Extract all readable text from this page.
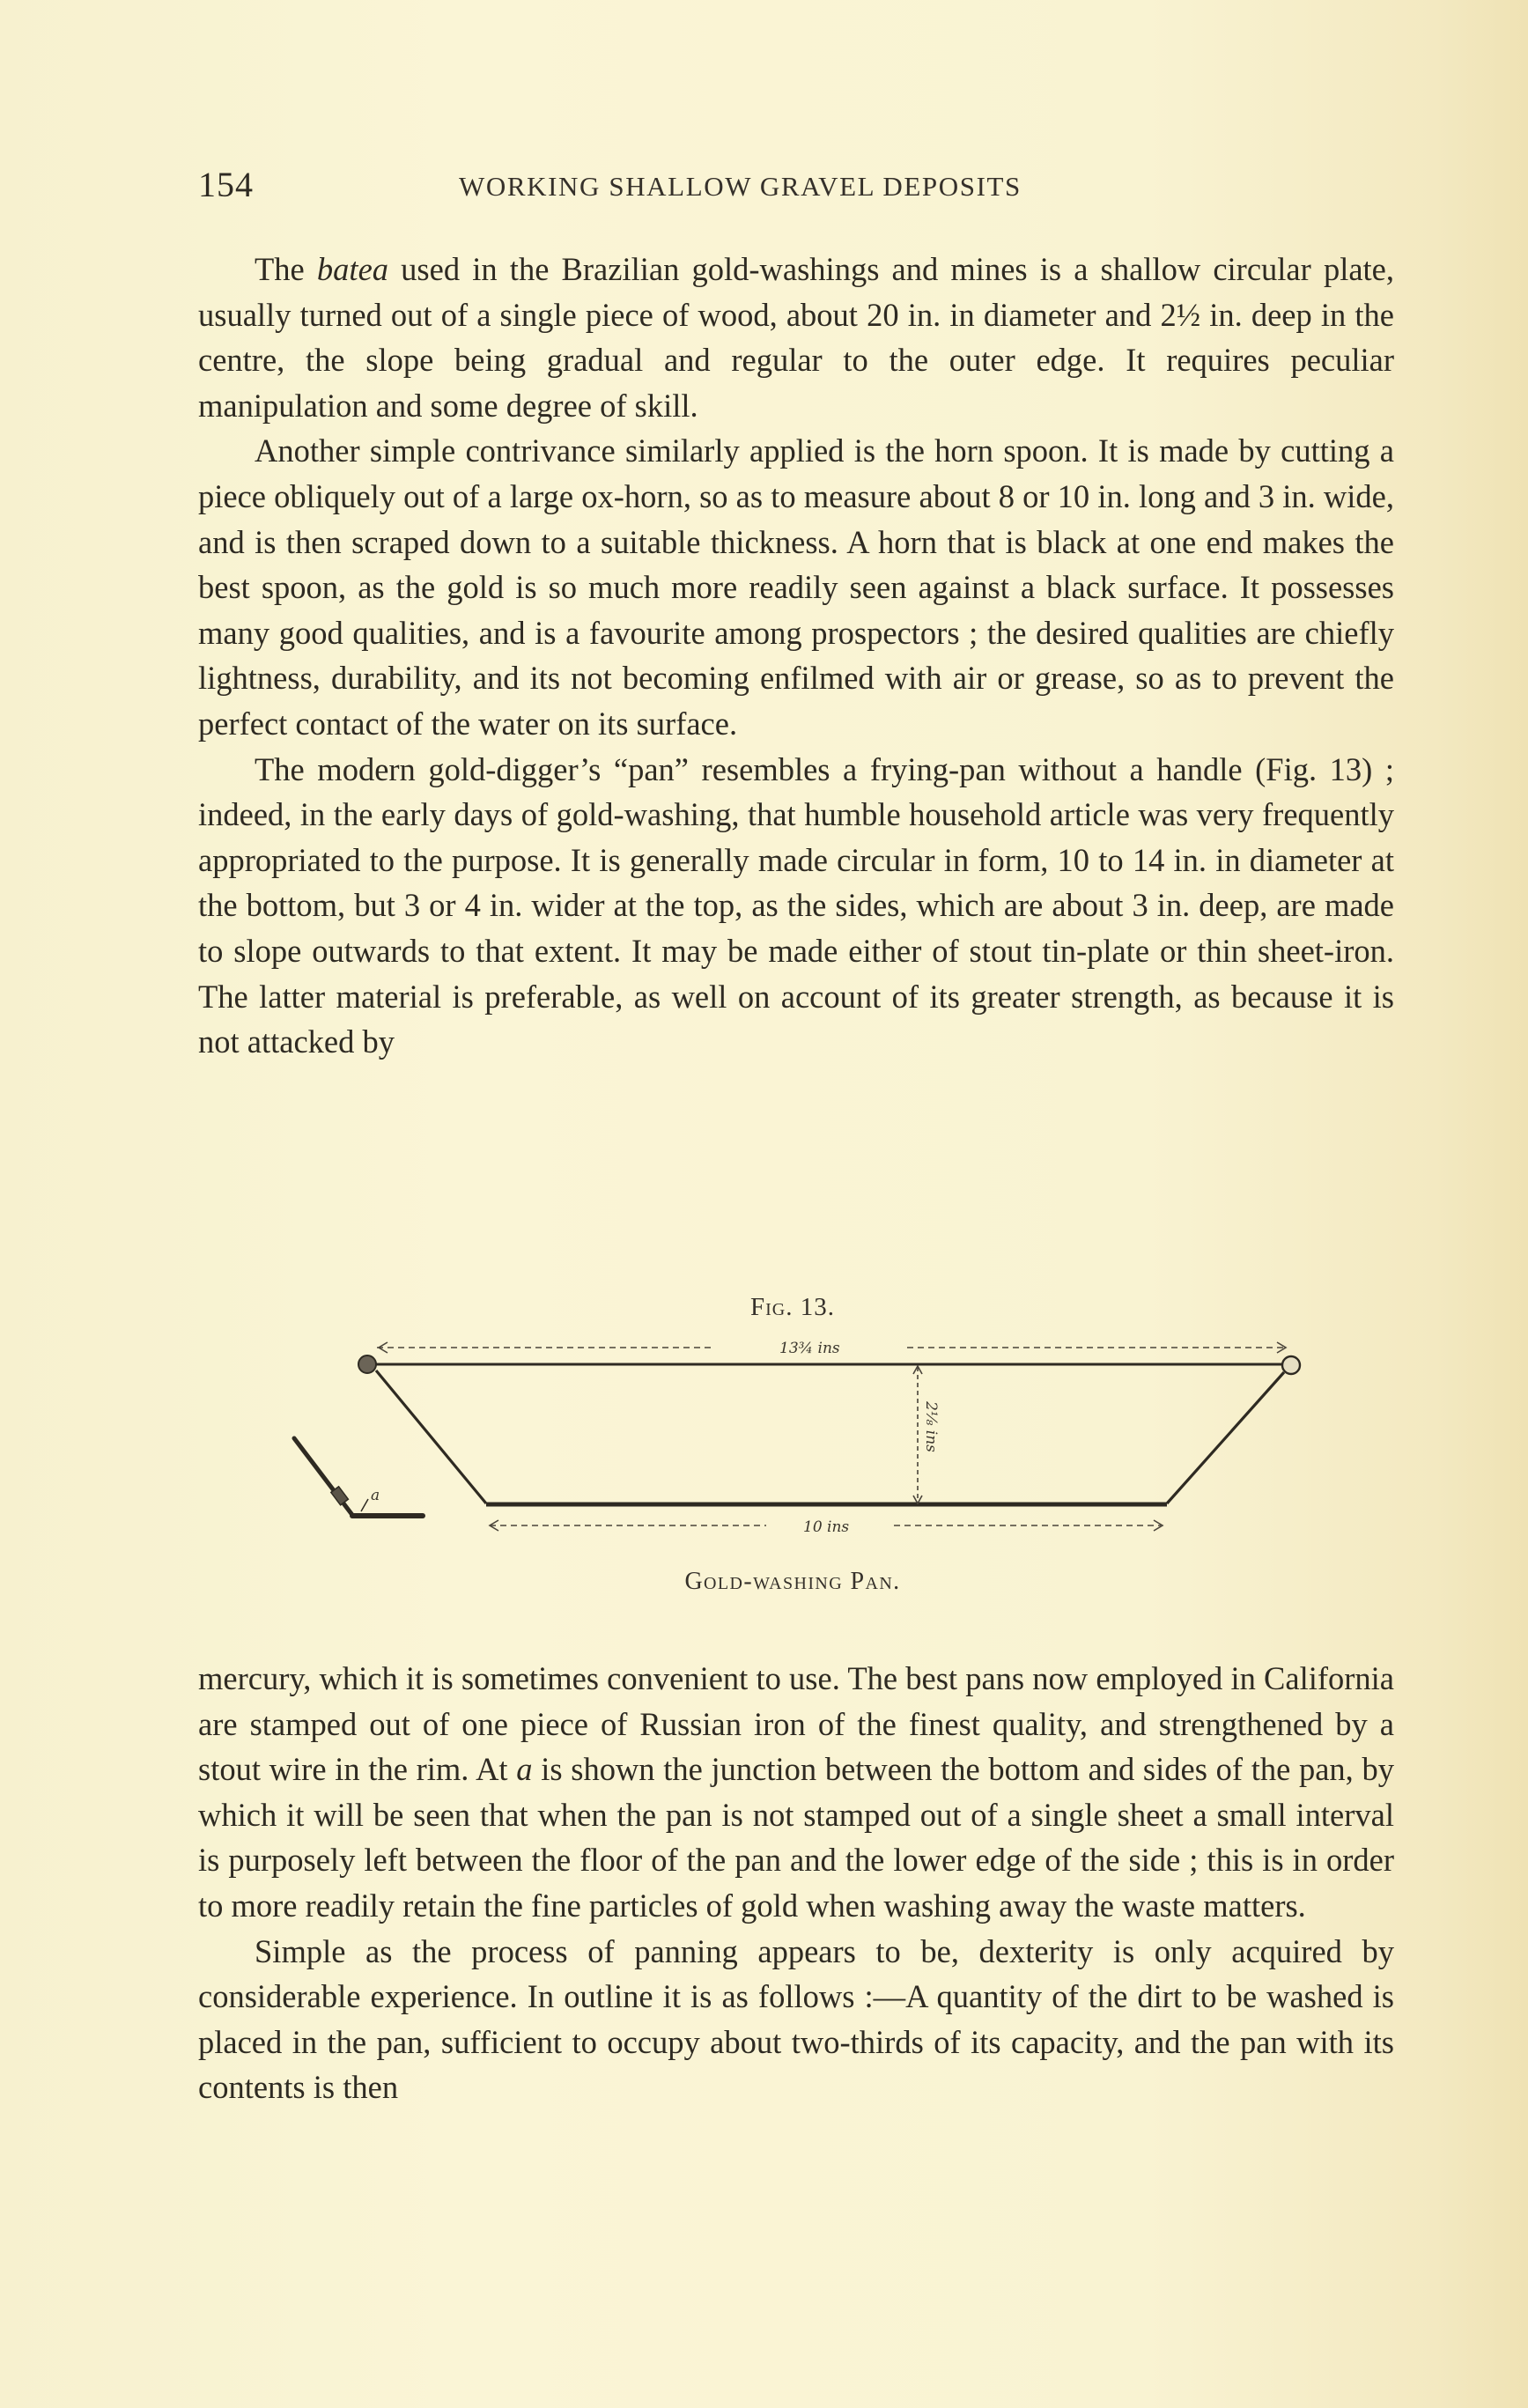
154	WORKING SHALLOW GRAVEL DEPOSITS

The batea used in the Brazilian gold-washings and mines is a shallow circular plate, usually turned out of a single piece of wood, about 20 in. in diameter and 2½ in. deep in the centre, the slope being gradual and regular to the outer edge. It requires peculiar manipulation and some degree of skill.

Another simple contrivance similarly applied is the horn spoon. It is made by cutting a piece obliquely out of a large ox-horn, so as to measure about 8 or 10 in. long and 3 in. wide, and is then scraped down to a suitable thickness. A horn that is black at one end makes the best spoon, as the gold is so much more readily seen against a black surface. It possesses many good qualities, and is a favourite among prospectors ; the desired qualities are chiefly lightness, durability, and its not becoming enfilmed with air or grease, so as to prevent the perfect contact of the water on its surface.

The modern gold-digger’s “pan” resembles a frying-pan without a handle (Fig. 13) ; indeed, in the early days of gold-washing, that humble household article was very frequently appropriated to the purpose. It is generally made circular in form, 10 to 14 in. in diameter at the bottom, but 3 or 4 in. wider at the top, as the sides, which are about 3 in. deep, are made to slope outwards to that extent. It may be made either of stout tin-plate or thin sheet-iron. The latter material is preferable, as well on account of its greater strength, as because it is not attacked by

Fig. 13.
13¾ ins
2⅛ ins
10 ins
a
Gold-washing Pan.

mercury, which it is sometimes convenient to use. The best pans now employed in California are stamped out of one piece of Russian iron of the finest quality, and strengthened by a stout wire in the rim. At a is shown the junction between the bottom and sides of the pan, by which it will be seen that when the pan is not stamped out of a single sheet a small interval is purposely left between the floor of the pan and the lower edge of the side ; this is in order to more readily retain the fine particles of gold when washing away the waste matters.

Simple as the process of panning appears to be, dexterity is only acquired by considerable experience. In outline it is as follows :—A quantity of the dirt to be washed is placed in the pan, sufficient to occupy about two-thirds of its capacity, and the pan with its contents is then
